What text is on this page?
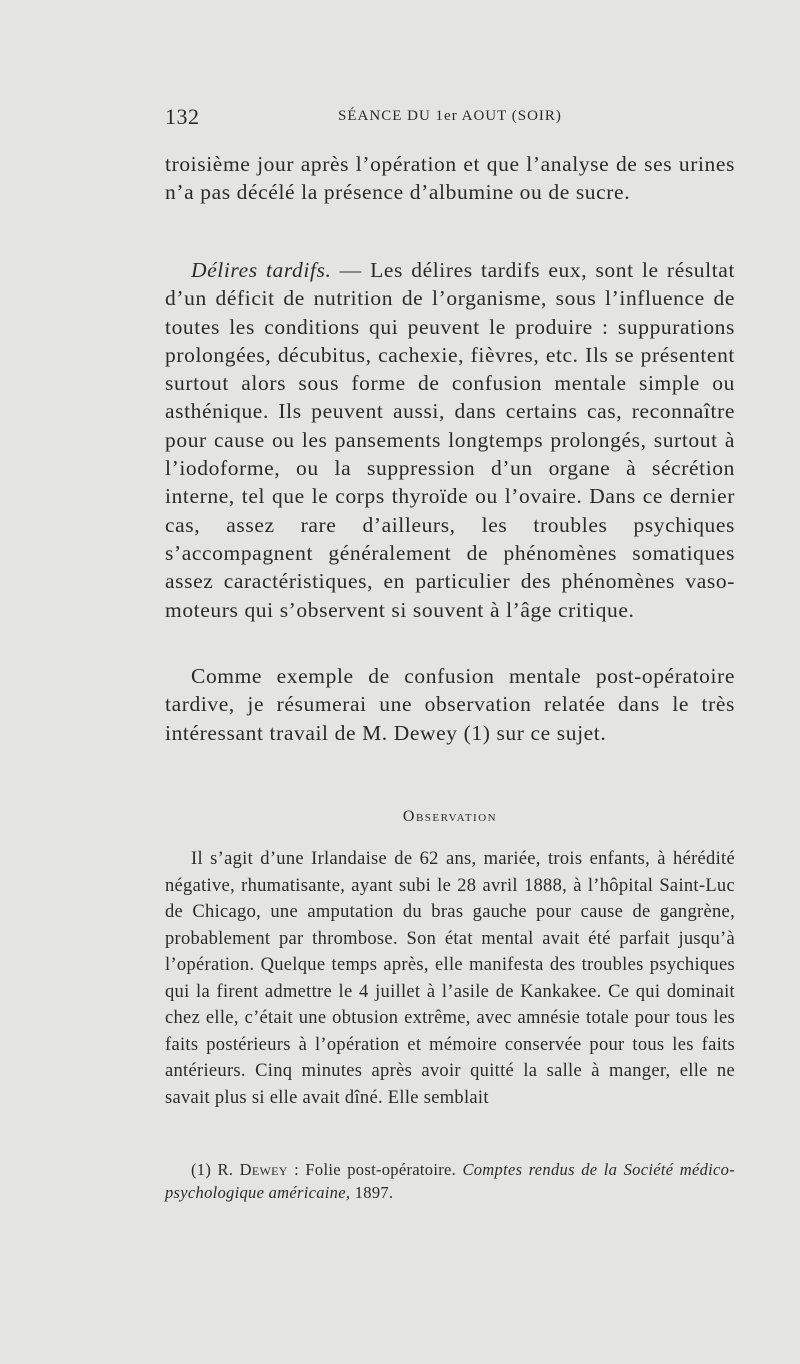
132	SÉANCE DU 1er AOUT (SOIR)

troisième jour après l’opération et que l’analyse de ses urines n’a pas décélé la présence d’albumine ou de sucre.

Délires tardifs. — Les délires tardifs eux, sont le résultat d’un déficit de nutrition de l’organisme, sous l’influence de toutes les conditions qui peuvent le produire : suppurations prolongées, décubitus, cachexie, fièvres, etc. Ils se présentent surtout alors sous forme de confusion mentale simple ou asthénique. Ils peuvent aussi, dans certains cas, reconnaître pour cause ou les pansements longtemps prolongés, surtout à l’iodoforme, ou la suppression d’un organe à sécrétion interne, tel que le corps thyroïde ou l’ovaire. Dans ce dernier cas, assez rare d’ailleurs, les troubles psychiques s’accompagnent généralement de phénomènes somatiques assez caractéristiques, en particulier des phénomènes vaso-moteurs qui s’observent si souvent à l’âge critique.

Comme exemple de confusion mentale post-opératoire tardive, je résumerai une observation relatée dans le très intéressant travail de M. Dewey (1) sur ce sujet.

Observation

Il s’agit d’une Irlandaise de 62 ans, mariée, trois enfants, à hérédité négative, rhumatisante, ayant subi le 28 avril 1888, à l’hôpital Saint-Luc de Chicago, une amputation du bras gauche pour cause de gangrène, probablement par thrombose. Son état mental avait été parfait jusqu’à l’opération. Quelque temps après, elle manifesta des troubles psychiques qui la firent admettre le 4 juillet à l’asile de Kankakee. Ce qui dominait chez elle, c’était une obtusion extrême, avec amnésie totale pour tous les faits postérieurs à l’opération et mémoire conservée pour tous les faits antérieurs. Cinq minutes après avoir quitté la salle à manger, elle ne savait plus si elle avait dîné. Elle semblait

(1) R. Dewey : Folie post-opératoire. Comptes rendus de la Société médico-psychologique américaine, 1897.
